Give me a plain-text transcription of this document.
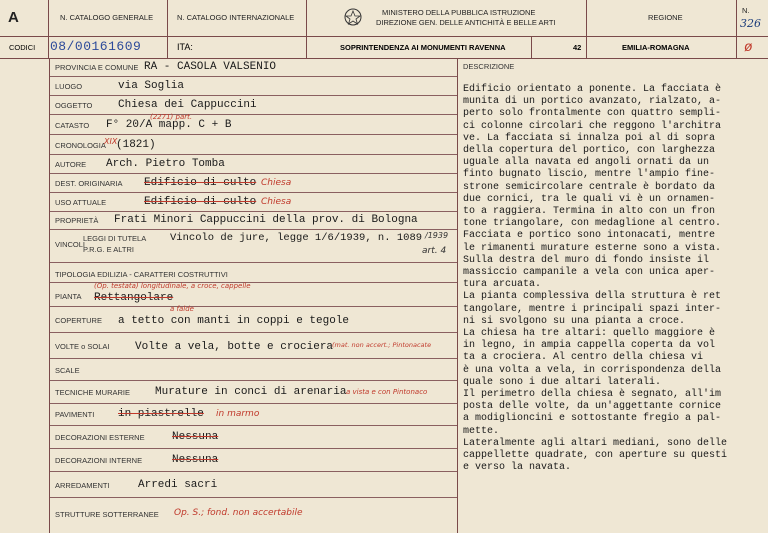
A	N. CATALOGO GENERALE	N. CATALOGO INTERNAZIONALE
MINISTERO DELLA PUBBLICA ISTRUZIONE
DIREZIONE GEN. DELLE ANTICHITÀ E BELLE ARTI
REGIONE
N.
326
CODICI 08/00161609	ITA:	SOPRINTENDENZA AI MONUMENTI RAVENNA	42	EMILIA-ROMAGNA	ø
PROVINCIA E COMUNE RA - CASOLA VALSENIO
LUOGO	via Soglia
OGGETTO Chiesa dei Cappuccini
CATASTO F° 20/A mapp. C + B
(2271) part.
CRONOLOGIA
XIX
(1821)
AUTORE Arch. Pietro Tomba
DEST. ORIGINARIA Edificio di culto Chiesa
USO ATTUALE	Edificio di culto Chiesa
PROPRIETÀ Frati Minori Cappuccini della prov. di Bologna
VINCOLI
LEGGI DI TUTELA
P.R.G. E ALTRI
Vincolo de jure, legge 1/6/1939, n. 1089 /1939
art. 4
TIPOLOGIA EDILIZIA - CARATTERI COSTRUTTIVI
PIANTA
(Op. testata) longitudinale, a croce, cappelle
Rettangolare
COPERTURE
a falde
a tetto con manti in coppi e tegole
VOLTE o SOLAI Volte a vela, botte e crociera
(mat. non accert.; Pintonacate
SCALE
TECNICHE MURARIE Murature in conci di arenaria a vista e con Pintonaco
PAVIMENTI in piastrelle in marmo
DECORAZIONI ESTERNE Nessuna
DECORAZIONI INTERNE	Nessuna
ARREDAMENTI	Arredi sacri
STRUTTURE SOTTERRANEE Op. S.; fond. non accertabile
DESCRIZIONE
Edificio orientato a ponente. La facciata è
munita di un portico avanzato, rialzato, a-
perto solo frontalmente con quattro sempli-
ci colonne circolari che reggono l'architra
ve. La facciata si innalza poi al di sopra
della copertura del portico, con larghezza
uguale alla navata ed angoli ornati da un
finto bugnato liscio, mentre l'ampio fine-
strone semicircolare centrale è bordato da
due cornici, tra le quali vi è un ornamen-
to a raggiera. Termina in alto con un fron
tone triangolare, con medaglione al centro.
Facciata e portico sono intonacati, mentre
le rimanenti murature esterne sono a vista.
Sulla destra del muro di fondo insiste il
massiccio campanile a vela con unica aper-
tura arcuata.
La pianta complessiva della struttura è ret
tangolare, mentre i principali spazi inter-
ni si svolgono su una pianta a croce.
La chiesa ha tre altari: quello maggiore è
in legno, in ampia cappella coperta da vol
ta a crociera. Al centro della chiesa vi
è una volta a vela, in corrispondenza della
quale sono i due altari laterali.
Il perimetro della chiesa è segnato, all'im
posta delle volte, da un'aggettante cornice
a modiglioncini e sottostante fregio a pal-
mette.
Lateralmente agli altari mediani, sono delle
cappellette quadrate, con aperture su questi
e verso la navata.
